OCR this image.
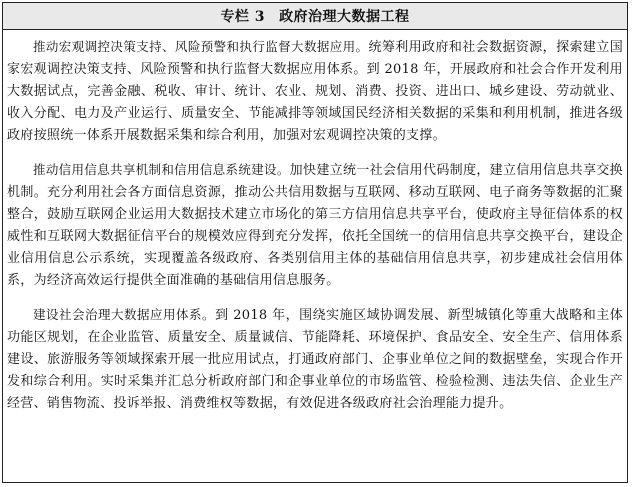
专栏 3 政府治理大数据工程

推动宏观调控决策支持、风险预警和执行监督大数据应用。统筹利用政府和社会数据资源，探索建立国家宏观调控决策支持、风险预警和执行监督大数据应用体系。到 2018 年，开展政府和社会合作开发利用大数据试点，完善金融、税收、审计、统计、农业、规划、消费、投资、进出口、城乡建设、劳动就业、收入分配、电力及产业运行、质量安全、节能减排等领域国民经济相关数据的采集和利用机制，推进各级政府按照统一体系开展数据采集和综合利用，加强对宏观调控决策的支撑。

推动信用信息共享机制和信用信息系统建设。加快建立统一社会信用代码制度，建立信用信息共享交换机制。充分利用社会各方面信息资源，推动公共信用数据与互联网、移动互联网、电子商务等数据的汇聚整合，鼓励互联网企业运用大数据技术建立市场化的第三方信用信息共享平台，使政府主导征信体系的权威性和互联网大数据征信平台的规模效应得到充分发挥，依托全国统一的信用信息共享交换平台，建设企业信用信息公示系统，实现覆盖各级政府、各类别信用主体的基础信用信息共享，初步建成社会信用体系，为经济高效运行提供全面准确的基础信用信息服务。

建设社会治理大数据应用体系。到 2018 年，围绕实施区域协调发展、新型城镇化等重大战略和主体功能区规划，在企业监管、质量安全、质量诚信、节能降耗、环境保护、食品安全、安全生产、信用体系建设、旅游服务等领域探索开展一批应用试点，打通政府部门、企事业单位之间的数据壁垒，实现合作开发和综合利用。实时采集并汇总分析政府部门和企事业单位的市场监管、检验检测、违法失信、企业生产经营、销售物流、投诉举报、消费维权等数据，有效促进各级政府社会治理能力提升。
